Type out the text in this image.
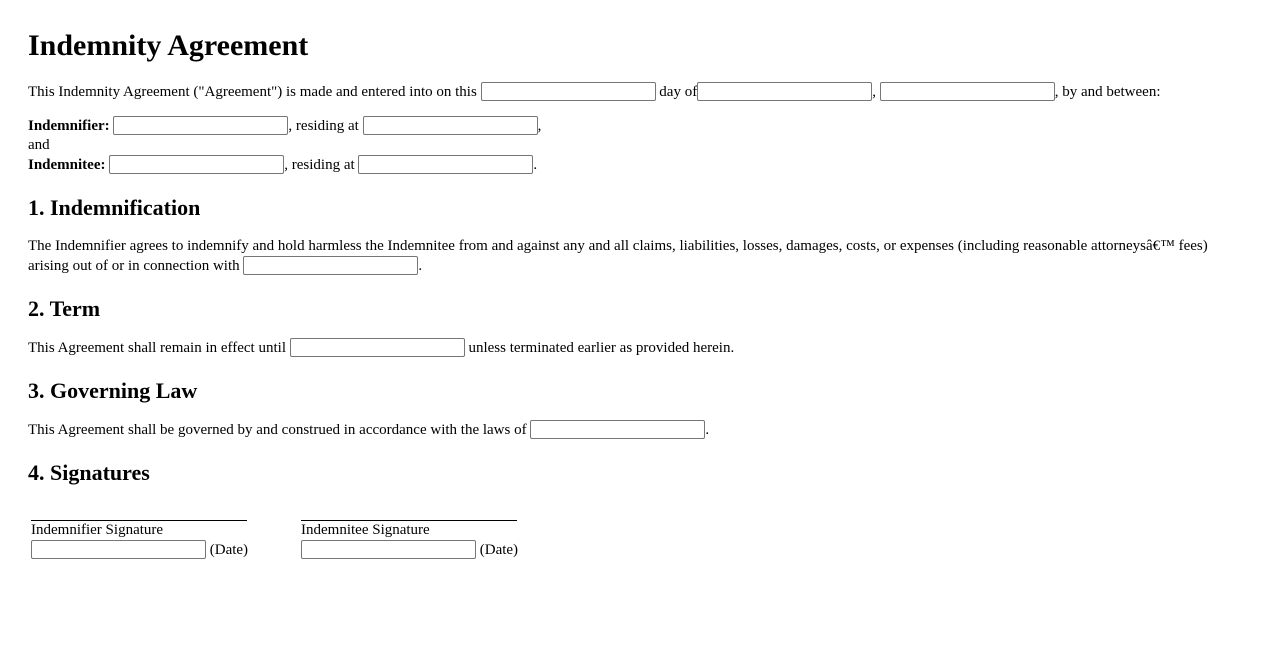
Indemnity Agreement

This Indemnity Agreement ("Agreement") is made and entered into on this	day of	,	, by and between:

Indemnifier:	, residing at	,
and
Indemnitee:	, residing at	.
1. Indemnification

The Indemnifier agrees to indemnify and hold harmless the Indemnitee from and against any and all claims, liabilities, losses, damages, costs, or expenses (including reasonable attorneysâ€™ fees) arising out of or in connection with	.

2. Term

This Agreement shall remain in effect until	unless terminated earlier as provided herein.

3. Governing Law

This Agreement shall be governed by and construed in accordance with the laws of	.

4. Signatures
Indemnifier Signature
(Date)
Indemnitee Signature
(Date)
